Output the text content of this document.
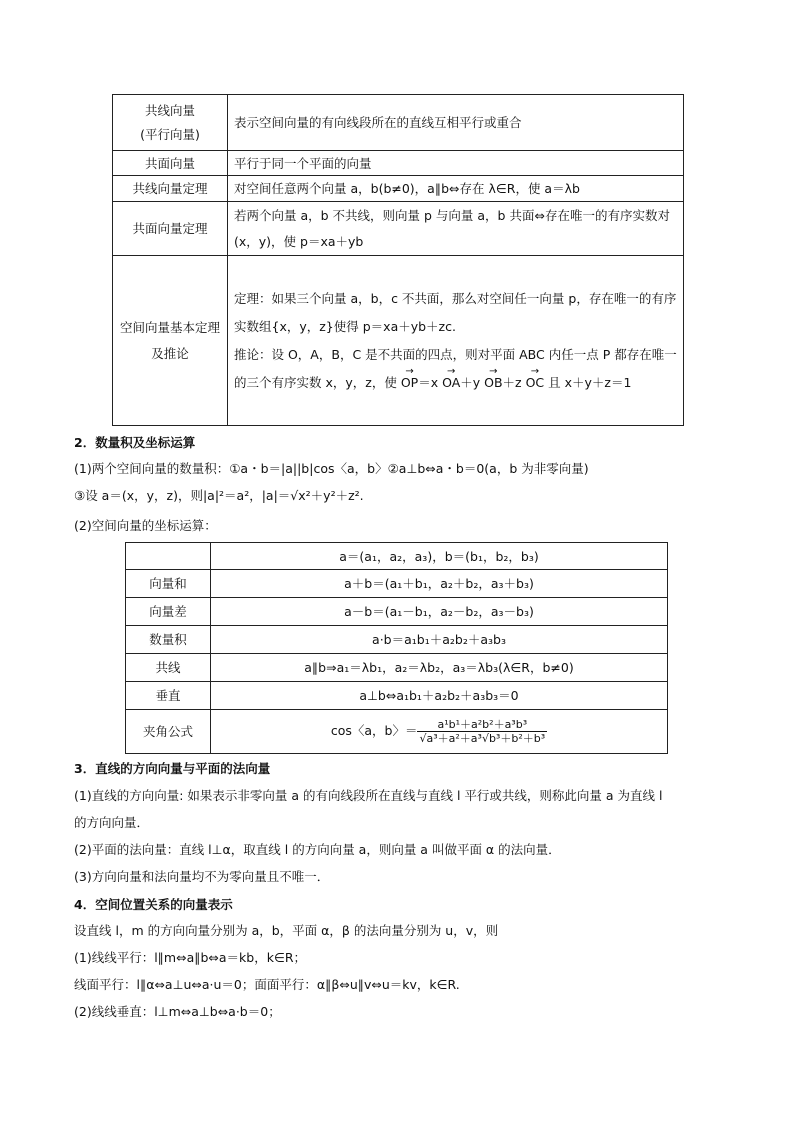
共线向量
(平行向量)	表示空间向量的有向线段所在的直线互相平行或重合
共面向量	平行于同一个平面的向量
共线向量定理	对空间任意两个向量 a，b(b≠0)，a∥b⇔存在 λ∈R，使 a＝λb
共面向量定理	若两个向量 a，b 不共线，则向量 p 与向量 a，b 共面⇔存在唯一的有序实数对(x，y)，使 p＝xa＋yb
空间向量基本定理及推论	定理：如果三个向量 a，b，c 不共面，那么对空间任一向量 p，存在唯一的有序实数组{x，y，z}使得 p＝xa＋yb＋zc.
推论：设 O，A，B，C 是不共面的四点，则对平面 ABC 内任一点 P 都存在唯一的三个有序实数 x，y，z，使 → OP＝x → OA＋y → OB＋z → OC 且 x＋y＋z＝1
2．数量积及坐标运算
(1)两个空间向量的数量积：①a・b＝|a||b|cos〈a，b〉②a⊥b⇔a・b＝0(a，b 为非零向量)
③设 a＝(x，y，z)，则|a|²＝a²，|a|＝√x²＋y²＋z².
(2)空间向量的坐标运算：
	a＝(a₁，a₂，a₃)，b＝(b₁，b₂，b₃)
向量和	a＋b＝(a₁＋b₁，a₂＋b₂，a₃＋b₃)
向量差	a－b＝(a₁－b₁，a₂－b₂，a₃－b₃)
数量积	a·b＝a₁b₁＋a₂b₂＋a₃b₃
共线	a∥b⇒a₁＝λb₁，a₂＝λb₂，a₃＝λb₃(λ∈R，b≠0)
垂直	a⊥b⇔a₁b₁＋a₂b₂＋a₃b₃＝0
夹角公式	cos〈a，b〉＝ $\frac{\text{a¹b¹＋a²b²＋a³b³}}{\text{√a³＋a²＋a³√b³＋b²＋b³}}$
3．直线的方向向量与平面的法向量
(1)直线的方向向量: 如果表示非零向量 a 的有向线段所在直线与直线 l 平行或共线，则称此向量 a 为直线 l
的方向向量．
(2)平面的法向量：直线 l⊥α，取直线 l 的方向向量 a，则向量 a 叫做平面 α 的法向量．
(3)方向向量和法向量均不为零向量且不唯一．
4．空间位置关系的向量表示
设直线 l，m 的方向向量分别为 a，b，平面 α，β 的法向量分别为 u，v，则
(1)线线平行：l∥m⇔a∥b⇔a＝kb，k∈R；
线面平行：l∥α⇔a⊥u⇔a·u＝0；面面平行：α∥β⇔u∥v⇔u＝kv，k∈R.
(2)线线垂直：l⊥m⇔a⊥b⇔a·b＝0；
